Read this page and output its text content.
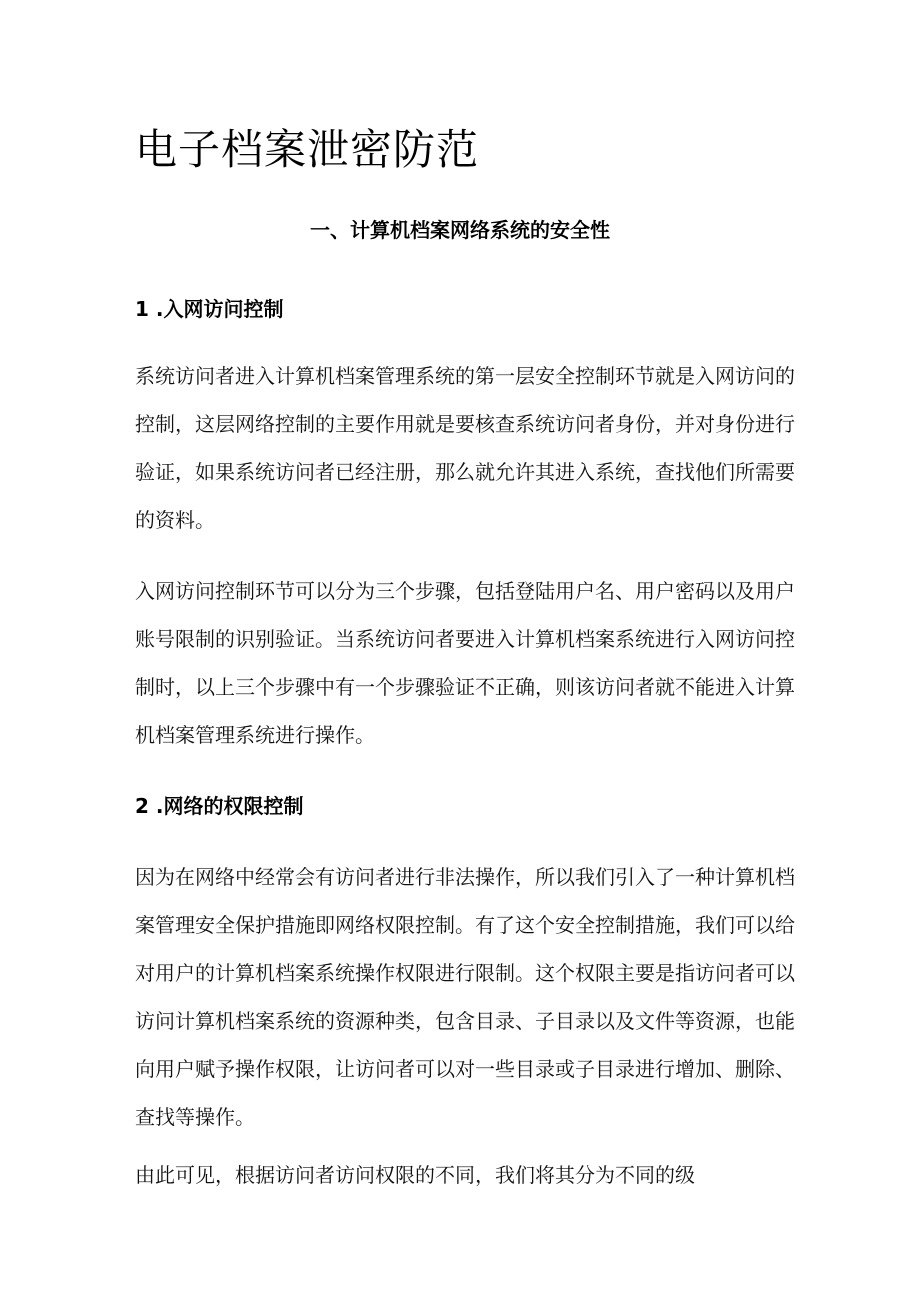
电子档案泄密防范
一、计算机档案网络系统的安全性
1 .入网访问控制

系统访问者进入计算机档案管理系统的第一层安全控制环节就是入网访问的控制，这层网络控制的主要作用就是要核查系统访问者身份，并对身份进行验证，如果系统访问者已经注册，那么就允许其进入系统，查找他们所需要的资料。

入网访问控制环节可以分为三个步骤，包括登陆用户名、用户密码以及用户账号限制的识别验证。当系统访问者要进入计算机档案系统进行入网访问控制时，以上三个步骤中有一个步骤验证不正确，则该访问者就不能进入计算机档案管理系统进行操作。

2 .网络的权限控制

因为在网络中经常会有访问者进行非法操作，所以我们引入了一种计算机档案管理安全保护措施即网络权限控制。有了这个安全控制措施，我们可以给对用户的计算机档案系统操作权限进行限制。这个权限主要是指访问者可以访问计算机档案系统的资源种类，包含目录、子目录以及文件等资源，也能向用户赋予操作权限，让访问者可以对一些目录或子目录进行增加、删除、查找等操作。

由此可见，根据访问者访问权限的不同，我们将其分为不同的级
